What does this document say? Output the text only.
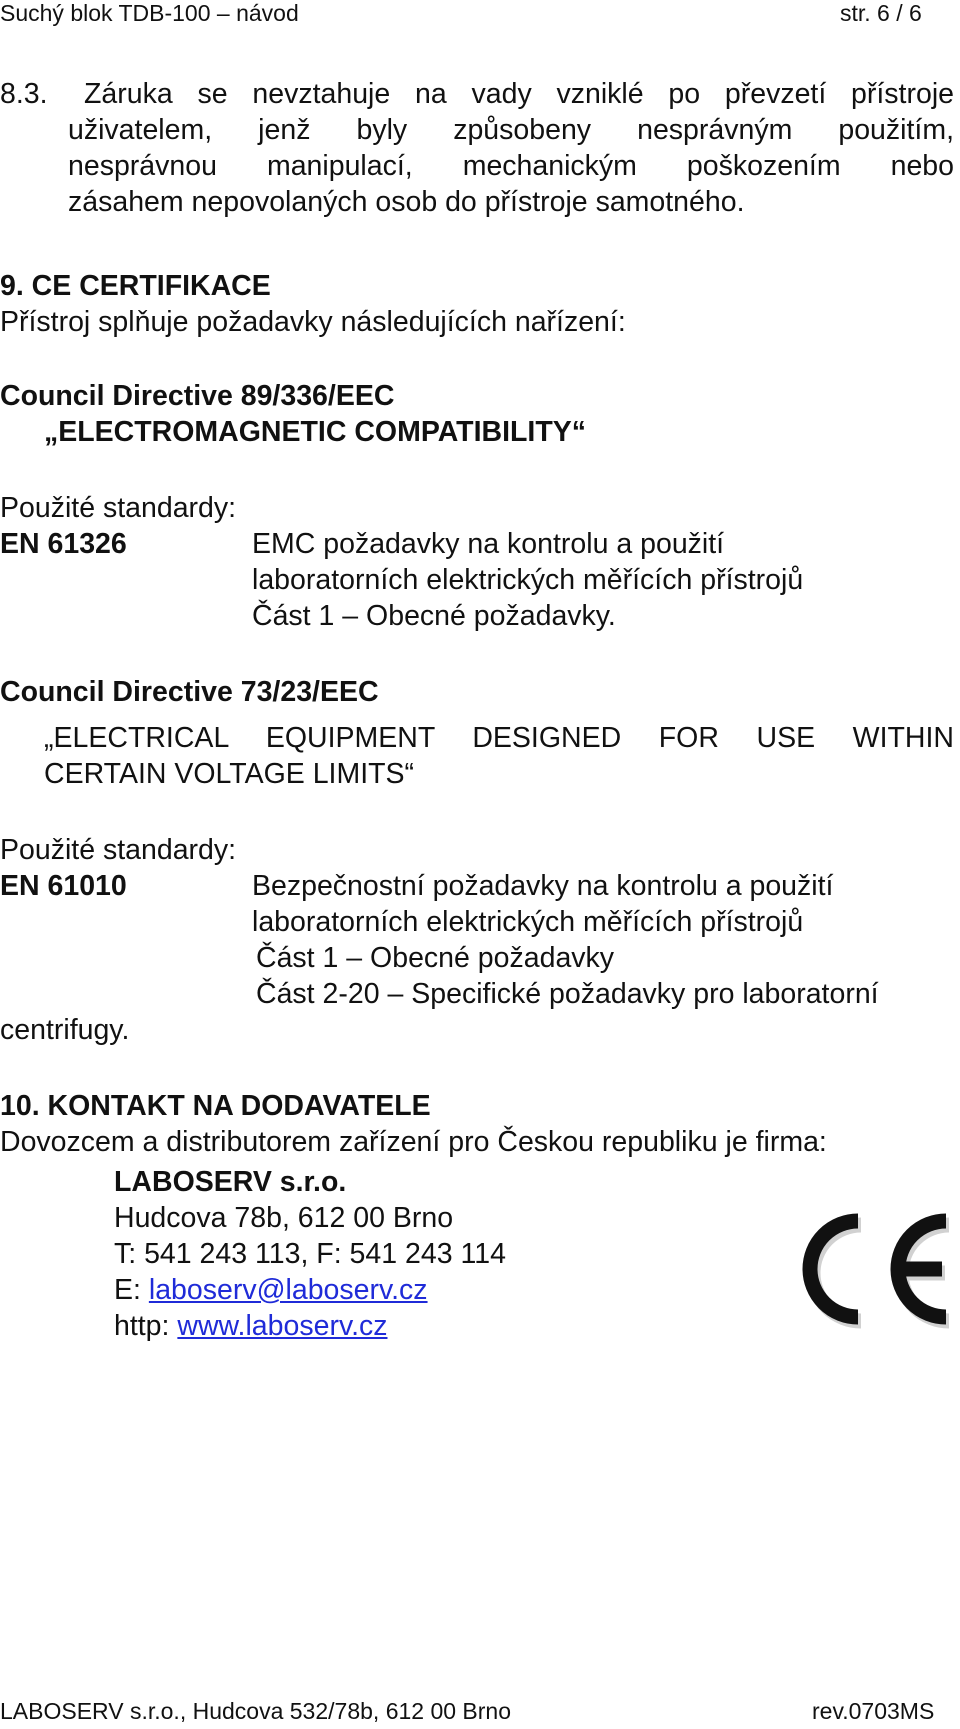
Suchý blok TDB-100 – návod	str. 6 / 6

8.3. Záruka se nevztahuje na vady vzniklé po převzetí přístroje

uživatelem, jenž byly způsobeny nesprávným použitím,

nesprávnou manipulací, mechanickým poškozením nebo

zásahem nepovolaných osob do přístroje samotného.

9. CE CERTIFIKACE

Přístroj splňuje požadavky následujících nařízení:

Council Directive 89/336/EEC

„ELECTROMAGNETIC COMPATIBILITY“

Použité standardy:

EN 61326	EMC požadavky na kontrolu a použití

laboratorních elektrických měřících přístrojů

Část 1 – Obecné požadavky.

Council Directive 73/23/EEC

„ELECTRICAL EQUIPMENT DESIGNED FOR USE WITHIN

CERTAIN VOLTAGE LIMITS“

Použité standardy:

EN 61010	Bezpečnostní požadavky na kontrolu a použití

laboratorních elektrických měřících přístrojů

Část 1 – Obecné požadavky

Část 2-20 – Specifické požadavky pro laboratorní

centrifugy.

10. KONTAKT NA DODAVATELE

Dovozcem a distributorem zařízení pro Českou republiku je firma:

LABOSERV s.r.o.

Hudcova 78b, 612 00 Brno

T: 541 243 113, F: 541 243 114

E: laboserv@laboserv.cz

http: www.laboserv.cz

LABOSERV s.r.o., Hudcova 532/78b, 612 00 Brno	rev.0703MS
